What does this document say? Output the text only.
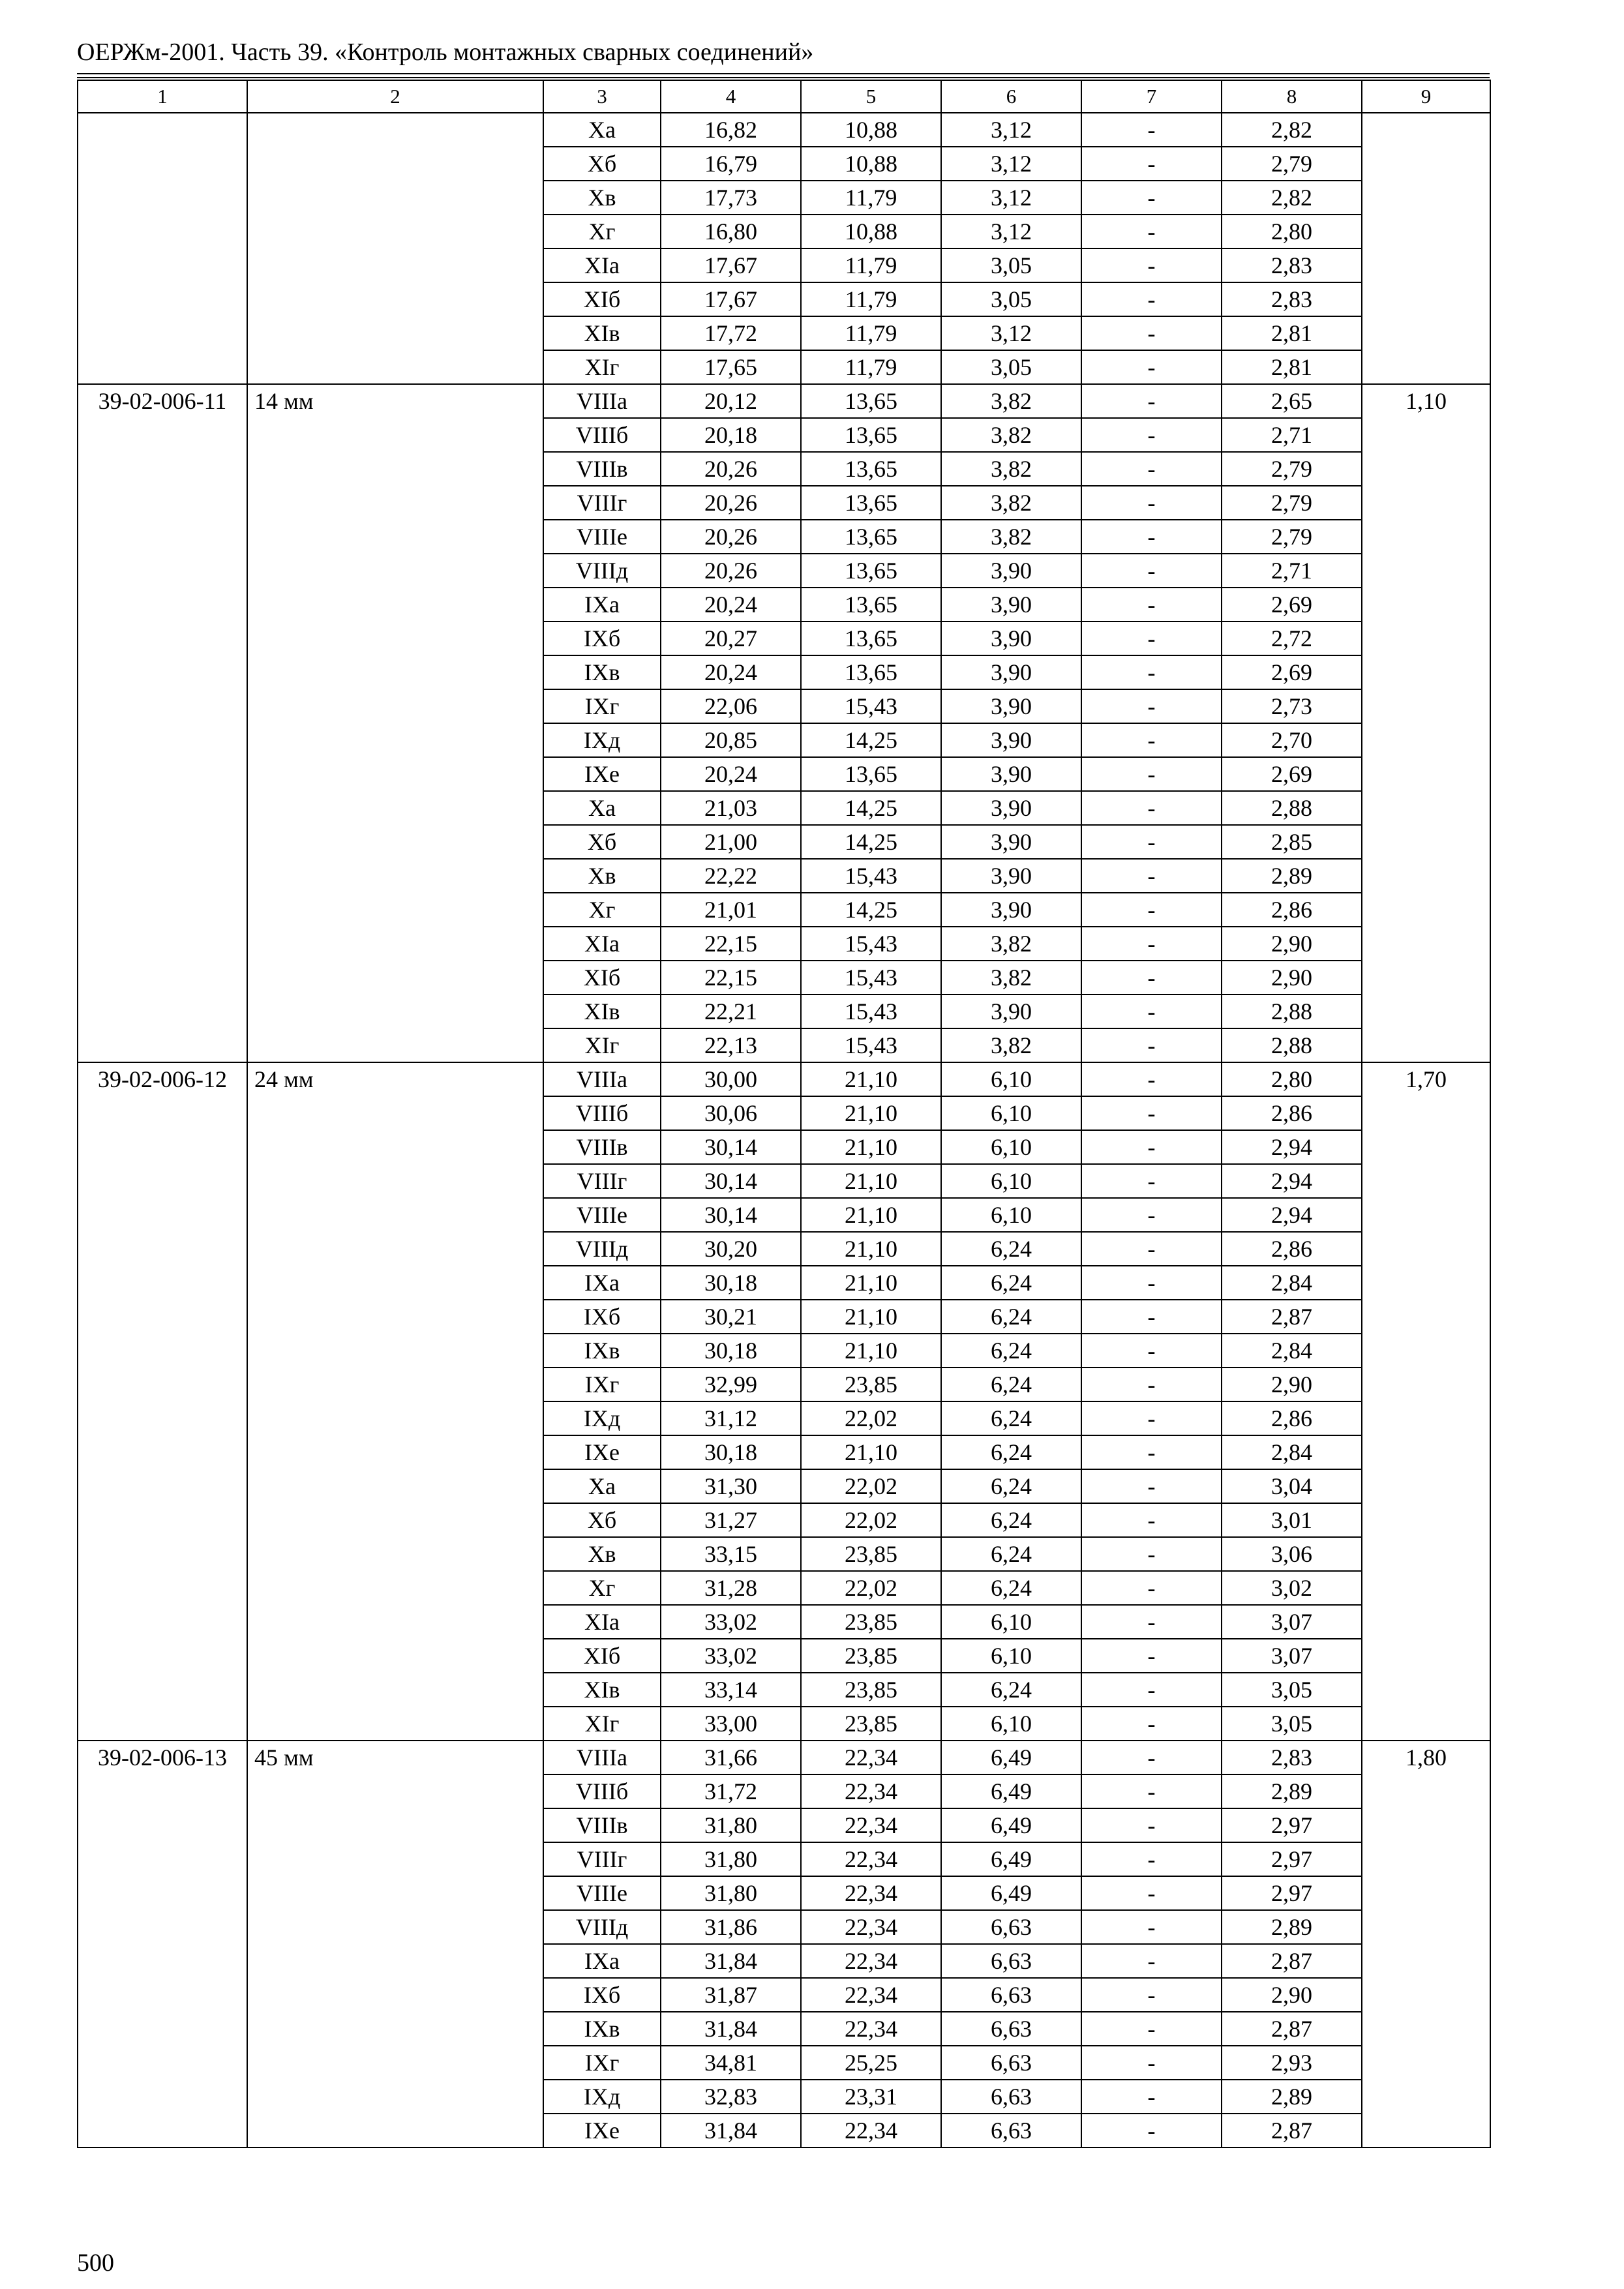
ОЕРЖм-2001. Часть 39. «Контроль монтажных сварных соединений»
1	2	3	4	5	6	7	8	9
		Xa	16,82	10,88	3,12	-	2,82	
		Xб	16,79	10,88	3,12	-	2,79	
		Xв	17,73	11,79	3,12	-	2,82	
		Xг	16,80	10,88	3,12	-	2,80	
		XIa	17,67	11,79	3,05	-	2,83	
		XIб	17,67	11,79	3,05	-	2,83	
		XIв	17,72	11,79	3,12	-	2,81	
		XIг	17,65	11,79	3,05	-	2,81	
39-02-006-11	14 мм	VIIIa	20,12	13,65	3,82	-	2,65	1,10
		VIIIб	20,18	13,65	3,82	-	2,71	
		VIIIв	20,26	13,65	3,82	-	2,79	
		VIIIг	20,26	13,65	3,82	-	2,79	
		VIIIe	20,26	13,65	3,82	-	2,79	
		VIIIд	20,26	13,65	3,90	-	2,71	
		IXa	20,24	13,65	3,90	-	2,69	
		IXб	20,27	13,65	3,90	-	2,72	
		IXв	20,24	13,65	3,90	-	2,69	
		IXг	22,06	15,43	3,90	-	2,73	
		IXд	20,85	14,25	3,90	-	2,70	
		IXe	20,24	13,65	3,90	-	2,69	
		Xa	21,03	14,25	3,90	-	2,88	
		Xб	21,00	14,25	3,90	-	2,85	
		Xв	22,22	15,43	3,90	-	2,89	
		Xг	21,01	14,25	3,90	-	2,86	
		XIa	22,15	15,43	3,82	-	2,90	
		XIб	22,15	15,43	3,82	-	2,90	
		XIв	22,21	15,43	3,90	-	2,88	
		XIг	22,13	15,43	3,82	-	2,88	
39-02-006-12	24 мм	VIIIa	30,00	21,10	6,10	-	2,80	1,70
		VIIIб	30,06	21,10	6,10	-	2,86	
		VIIIв	30,14	21,10	6,10	-	2,94	
		VIIIг	30,14	21,10	6,10	-	2,94	
		VIIIe	30,14	21,10	6,10	-	2,94	
		VIIIд	30,20	21,10	6,24	-	2,86	
		IXa	30,18	21,10	6,24	-	2,84	
		IXб	30,21	21,10	6,24	-	2,87	
		IXв	30,18	21,10	6,24	-	2,84	
		IXг	32,99	23,85	6,24	-	2,90	
		IXд	31,12	22,02	6,24	-	2,86	
		IXe	30,18	21,10	6,24	-	2,84	
		Xa	31,30	22,02	6,24	-	3,04	
		Xб	31,27	22,02	6,24	-	3,01	
		Xв	33,15	23,85	6,24	-	3,06	
		Xг	31,28	22,02	6,24	-	3,02	
		XIa	33,02	23,85	6,10	-	3,07	
		XIб	33,02	23,85	6,10	-	3,07	
		XIв	33,14	23,85	6,24	-	3,05	
		XIг	33,00	23,85	6,10	-	3,05	
39-02-006-13	45 мм	VIIIa	31,66	22,34	6,49	-	2,83	1,80
		VIIIб	31,72	22,34	6,49	-	2,89	
		VIIIв	31,80	22,34	6,49	-	2,97	
		VIIIг	31,80	22,34	6,49	-	2,97	
		VIIIe	31,80	22,34	6,49	-	2,97	
		VIIIд	31,86	22,34	6,63	-	2,89	
		IXa	31,84	22,34	6,63	-	2,87	
		IXб	31,87	22,34	6,63	-	2,90	
		IXв	31,84	22,34	6,63	-	2,87	
		IXг	34,81	25,25	6,63	-	2,93	
		IXд	32,83	23,31	6,63	-	2,89	
		IXe	31,84	22,34	6,63	-	2,87	
500
